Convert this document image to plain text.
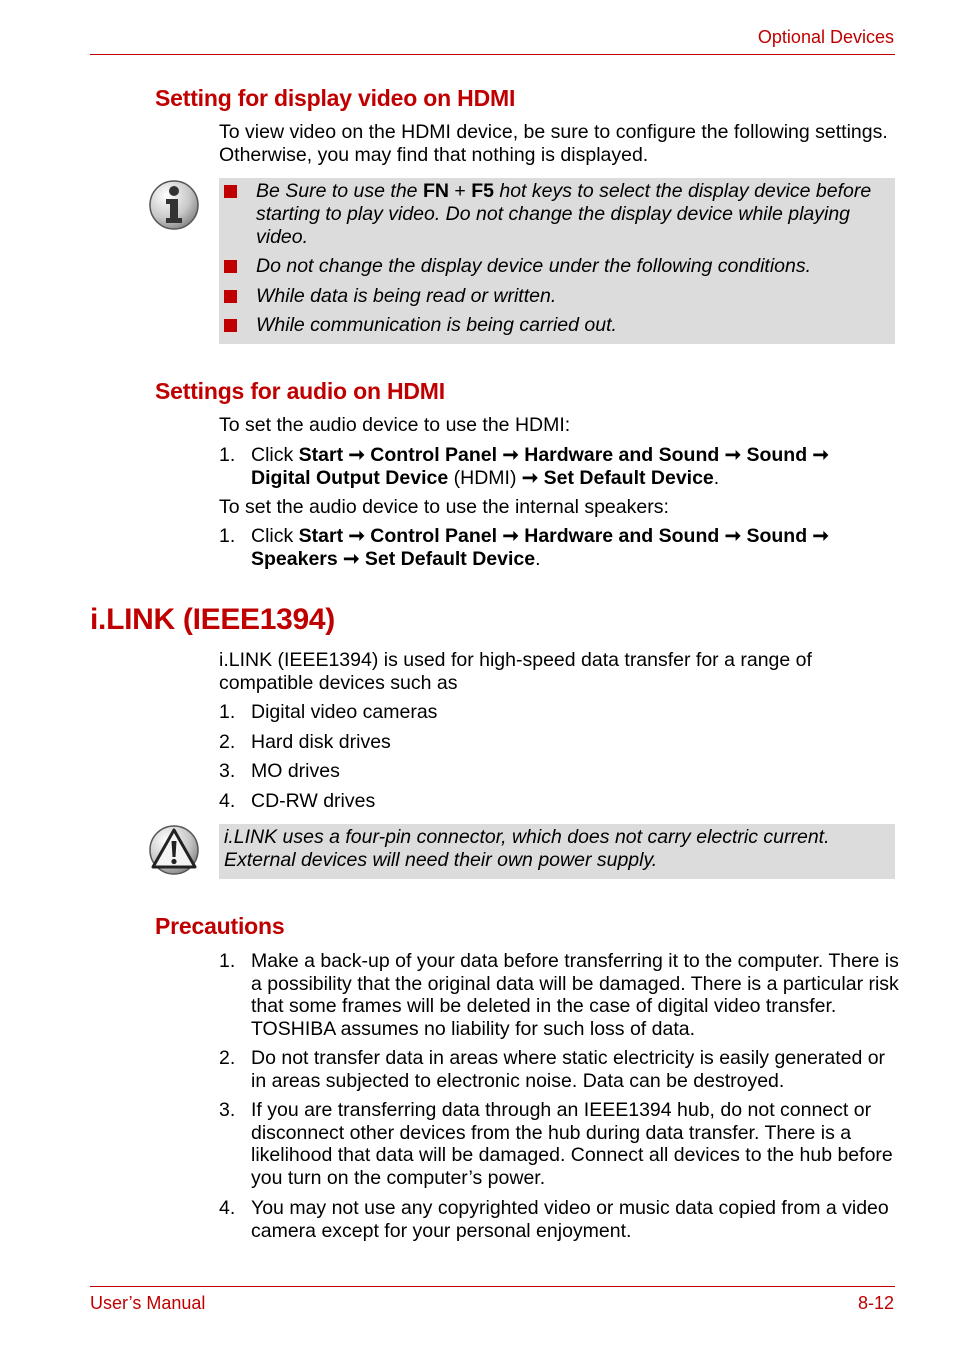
Optional Devices
Setting for display video on HDMI
To view video on the HDMI device, be sure to configure the following settings. Otherwise, you may find that nothing is displayed.
Be Sure to use the FN + F5 hot keys to select the display device before starting to play video. Do not change the display device while playing video.
Do not change the display device under the following conditions.
While data is being read or written.
While communication is being carried out.
Settings for audio on HDMI
To set the audio device to use the HDMI:
1. Click Start ➞ Control Panel ➞ Hardware and Sound ➞ Sound ➞
Digital Output Device (HDMI) ➞ Set Default Device.
To set the audio device to use the internal speakers:
1. Click Start ➞ Control Panel ➞ Hardware and Sound ➞ Sound ➞
Speakers ➞ Set Default Device.
i.LINK (IEEE1394)
i.LINK (IEEE1394) is used for high-speed data transfer for a range of compatible devices such as
1. Digital video cameras
2. Hard disk drives
3. MO drives
4. CD-RW drives
i.LINK uses a four-pin connector, which does not carry electric current. External devices will need their own power supply.
Precautions
1. Make a back-up of your data before transferring it to the computer. There is a possibility that the original data will be damaged. There is a particular risk that some frames will be deleted in the case of digital video transfer. TOSHIBA assumes no liability for such loss of data.
2. Do not transfer data in areas where static electricity is easily generated or in areas subjected to electronic noise. Data can be destroyed.
3. If you are transferring data through an IEEE1394 hub, do not connect or disconnect other devices from the hub during data transfer. There is a likelihood that data will be damaged. Connect all devices to the hub before you turn on the computer’s power.
4. You may not use any copyrighted video or music data copied from a video camera except for your personal enjoyment.
User’s Manual	8-12
